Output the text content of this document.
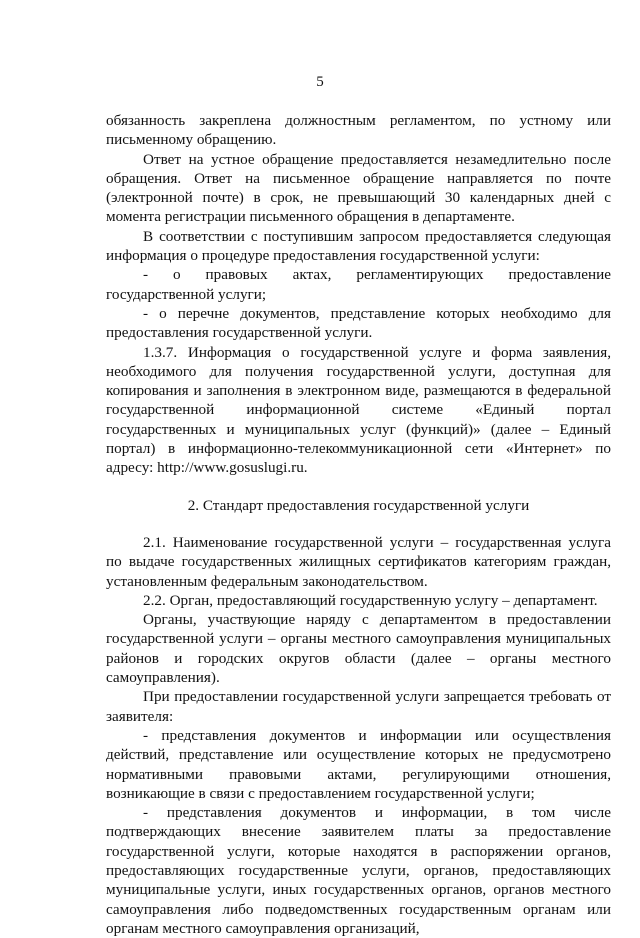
5

обязанность закреплена должностным регламентом, по устному или письменному обращению.

Ответ на устное обращение предоставляется незамедлительно после обращения. Ответ на письменное обращение направляется по почте (электронной почте) в срок, не превышающий 30 календарных дней с момента регистрации письменного обращения в департаменте.

В соответствии с поступившим запросом предоставляется следующая информация о процедуре предоставления государственной услуги:

- о правовых актах, регламентирующих предоставление государственной услуги;

- о перечне документов, представление которых необходимо для предоставления государственной услуги.

1.3.7. Информация о государственной услуге и форма заявления, необходимого для получения государственной услуги, доступная для копирования и заполнения в электронном виде, размещаются в федеральной государственной информационной системе «Единый портал государственных и муниципальных услуг (функций)» (далее – Единый портал) в информационно-телекоммуникационной сети «Интернет» по адресу: http://www.gosuslugi.ru.

2. Стандарт предоставления государственной услуги

2.1. Наименование государственной услуги – государственная услуга по выдаче государственных жилищных сертификатов категориям граждан, установленным федеральным законодательством.

2.2. Орган, предоставляющий государственную услугу – департамент.

Органы, участвующие наряду с департаментом в предоставлении государственной услуги – органы местного самоуправления муниципальных районов и городских округов области (далее – органы местного самоуправления).

При предоставлении государственной услуги запрещается требовать от заявителя:

- представления документов и информации или осуществления действий, представление или осуществление которых не предусмотрено нормативными правовыми актами, регулирующими отношения, возникающие в связи с предоставлением государственной услуги;

- представления документов и информации, в том числе подтверждающих внесение заявителем платы за предоставление государственной услуги, которые находятся в распоряжении органов, предоставляющих государственные услуги, органов, предоставляющих муниципальные услуги, иных государственных органов, органов местного самоуправления либо подведомственных государственным органам или органам местного самоуправления организаций,
